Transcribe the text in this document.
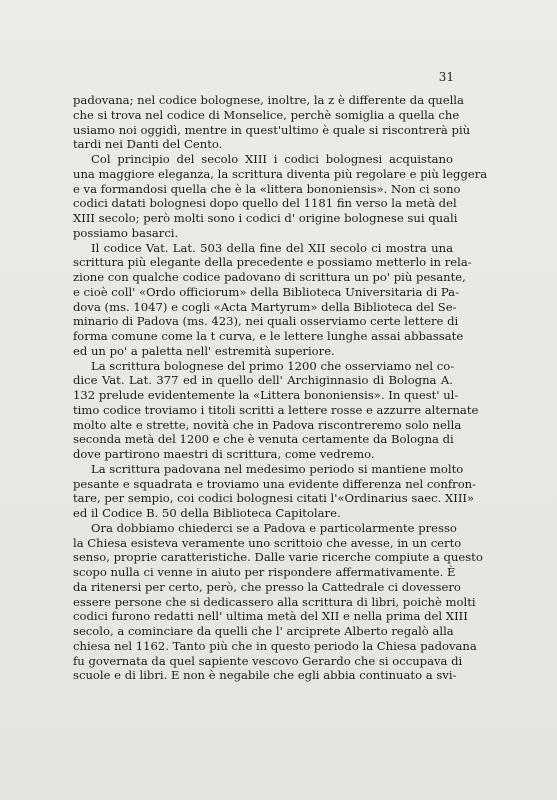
31
padovana; nel codice bolognese, inoltre, la z è differente da quella
che si trova nel codice di Monselice, perchè somiglia a quella che
usiamo noi oggidì, mentre in quest'ultimo è quale si riscontrerà più
tardi nei Danti del Cento.
Col principio del secolo XIII i codici bolognesi acquistano
una maggiore eleganza, la scrittura diventa più regolare e più leggera
e va formandosi quella che è la «littera bononiensis». Non ci sono
codici datati bolognesi dopo quello del 1181 fin verso la metà del
XIII secolo; però molti sono i codici d' origine bolognese sui quali
possiamo basarci.
Il codice Vat. Lat. 503 della fine del XII secolo ci mostra una
scrittura più elegante della precedente e possiamo metterlo in rela-
zione con qualche codice padovano di scrittura un po' più pesante,
e cioè coll' «Ordo officiorum» della Biblioteca Universitaria di Pa-
dova (ms. 1047) e cogli «Acta Martyrum» della Biblioteca del Se-
minario di Padova (ms. 423), nei quali osserviamo certe lettere di
forma comune come la t curva, e le lettere lunghe assai abbassate
ed un po' a paletta nell' estremità superiore.
La scrittura bolognese del primo 1200 che osserviamo nel co-
dice Vat. Lat. 377 ed in quello dell' Archiginnasio di Bologna A.
132 prelude evidentemente la «Littera bononiensis». In quest' ul-
timo codice troviamo i titoli scritti a lettere rosse e azzurre alternate
molto alte e strette, novità che in Padova riscontreremo solo nella
seconda metà del 1200 e che è venuta certamente da Bologna di
dove partirono maestri di scrittura, come vedremo.
La scrittura padovana nel medesimo periodo si mantiene molto
pesante e squadrata e troviamo una evidente differenza nel confron-
tare, per sempio, coi codici bolognesi citati l'«Ordinarius saec. XIII»
ed il Codice B. 50 della Biblioteca Capitolare.
Ora dobbiamo chiederci se a Padova e particolarmente presso
la Chiesa esisteva veramente uno scrittoio che avesse, in un certo
senso, proprie caratteristiche. Dalle varie ricerche compiute a questo
scopo nulla ci venne in aiuto per rispondere affermativamente. È
da ritenersi per certo, però, che presso la Cattedrale ci dovessero
essere persone che si dedicassero alla scrittura di libri, poichè molti
codici furono redatti nell' ultima metà del XII e nella prima del XIII
secolo, a cominciare da quelli che l' arciprete Alberto regalò alla
chiesa nel 1162. Tanto più che in questo periodo la Chiesa padovana
fu governata da quel sapiente vescovo Gerardo che si occupava di
scuole e di libri. E non è negabile che egli abbia continuato a svi-
